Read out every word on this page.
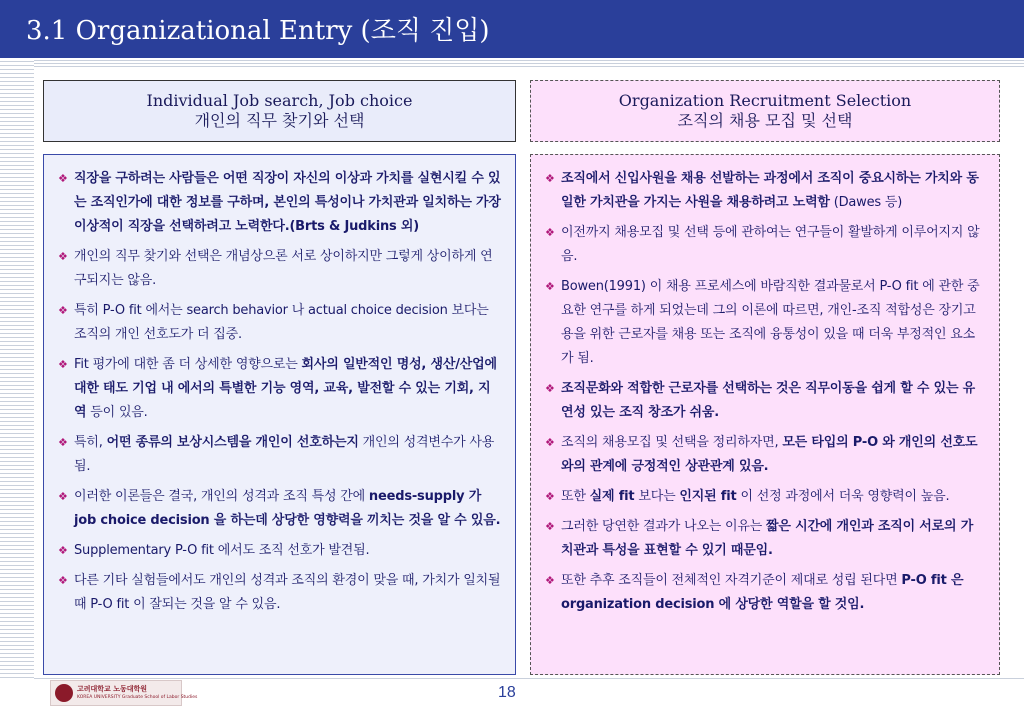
3.1 Organizational Entry (조직 진입)
Individual Job search, Job choice
개인의 직무 찾기와 선택
Organization Recruitment Selection
조직의 채용 모집 및 선택
❖ 직장을 구하려는 사람들은 어떤 직장이 자신의 이상과 가치를 실현시킬 수 있는 조직인가에 대한 정보를 구하며, 본인의 특성이나 가치관과 일치하는 가장 이상적이 직장을 선택하려고 노력한다.(Brts & Judkins 외)
❖ 개인의 직무 찾기와 선택은 개념상으론 서로 상이하지만 그렇게 상이하게 연구되지는 않음.
❖ 특히 P-O fit 에서는 search behavior 나 actual choice decision 보다는 조직의 개인 선호도가 더 집중.
❖ Fit 평가에 대한 좀 더 상세한 영향으로는 회사의 일반적인 명성, 생산/산업에 대한 태도 기업 내 에서의 특별한 기능 영역, 교육, 발전할 수 있는 기회, 지역 등이 있음.
❖ 특히, 어떤 종류의 보상시스템을 개인이 선호하는지 개인의 성격변수가 사용됨.
❖ 이러한 이론들은 결국, 개인의 성격과 조직 특성 간에 needs-supply 가 job choice decision 을 하는데 상당한 영향력을 끼치는 것을 알 수 있음.
❖ Supplementary P-O fit 에서도 조직 선호가 발견됨.
❖ 다른 기타 실험들에서도 개인의 성격과 조직의 환경이 맞을 때, 가치가 일치될 때 P-O fit 이 잘되는 것을 알 수 있음.
❖ 조직에서 신입사원을 채용 선발하는 과정에서 조직이 중요시하는 가치와 동일한 가치관을 가지는 사원을 채용하려고 노력함 (Dawes 등)
❖ 이전까지 채용모집 및 선택 등에 관하여는 연구들이 활발하게 이루어지지 않음.
❖ Bowen(1991) 이 채용 프로세스에 바람직한 결과물로서 P-O fit 에 관한 중요한 연구를 하게 되었는데 그의 이론에 따르면, 개인-조직 적합성은 장기고용을 위한 근로자를 채용 또는 조직에 융통성이 있을 때 더욱 부정적인 요소가 됨.
❖ 조직문화와 적합한 근로자를 선택하는 것은 직무이동을 쉽게 할 수 있는 유연성 있는 조직 창조가 쉬움.
❖ 조직의 채용모집 및 선택을 정리하자면, 모든 타입의 P-O 와 개인의 선호도와의 관계에 긍정적인 상관관계 있음.
❖ 또한 실제 fit 보다는 인지된 fit 이 선정 과정에서 더욱 영향력이 높음.
❖ 그러한 당연한 결과가 나오는 이유는 짧은 시간에 개인과 조직이 서로의 가치관과 특성을 표현할 수 있기 때문임.
❖ 또한 추후 조직들이 전체적인 자격기준이 제대로 성립 된다면 P-O fit 은 organization decision 에 상당한 역할을 할 것임.
고려대학교 노동대학원
KOREA UNIVERSITY Graduate School of Labor Studies	18
